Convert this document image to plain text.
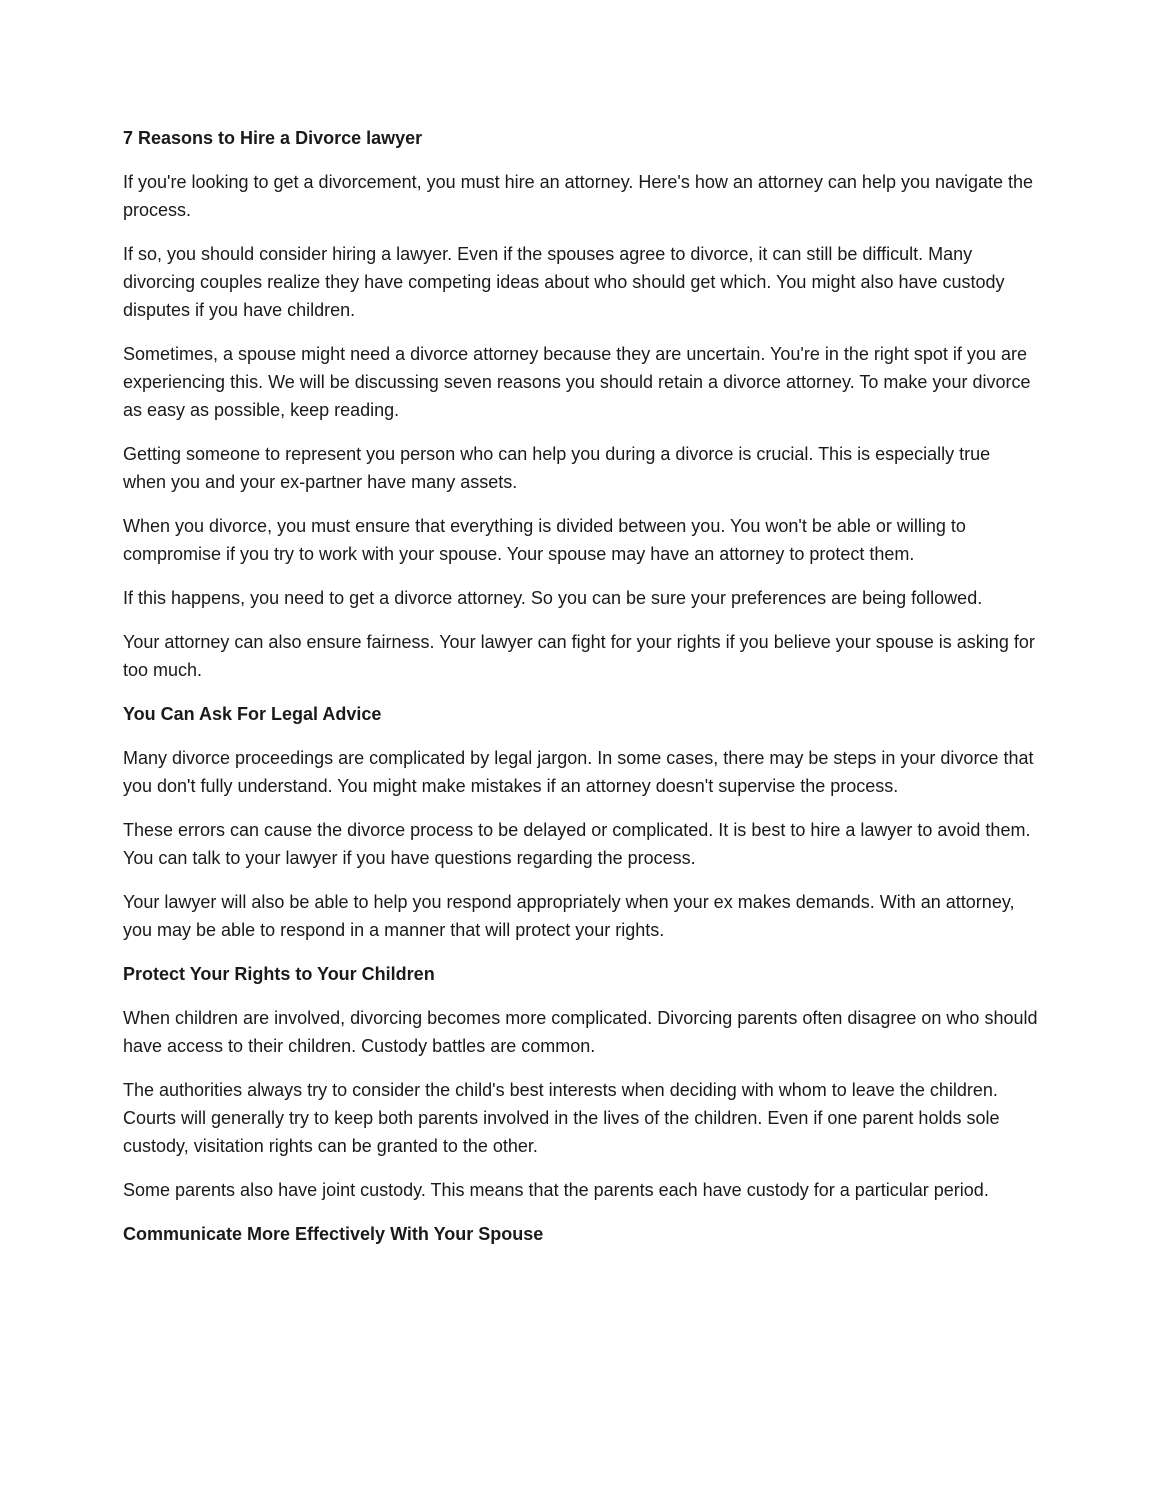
7 Reasons to Hire a Divorce lawyer

If you're looking to get a divorcement, you must hire an attorney. Here's how an attorney can help you navigate the process.

If so, you should consider hiring a lawyer. Even if the spouses agree to divorce, it can still be difficult. Many divorcing couples realize they have competing ideas about who should get which. You might also have custody disputes if you have children.

Sometimes, a spouse might need a divorce attorney because they are uncertain. You're in the right spot if you are experiencing this. We will be discussing seven reasons you should retain a divorce attorney. To make your divorce as easy as possible, keep reading.

Getting someone to represent you person who can help you during a divorce is crucial. This is especially true when you and your ex-partner have many assets.

When you divorce, you must ensure that everything is divided between you. You won't be able or willing to compromise if you try to work with your spouse. Your spouse may have an attorney to protect them.

If this happens, you need to get a divorce attorney. So you can be sure your preferences are being followed.

Your attorney can also ensure fairness. Your lawyer can fight for your rights if you believe your spouse is asking for too much.

You Can Ask For Legal Advice

Many divorce proceedings are complicated by legal jargon. In some cases, there may be steps in your divorce that you don't fully understand. You might make mistakes if an attorney doesn't supervise the process.

These errors can cause the divorce process to be delayed or complicated. It is best to hire a lawyer to avoid them. You can talk to your lawyer if you have questions regarding the process.

Your lawyer will also be able to help you respond appropriately when your ex makes demands. With an attorney, you may be able to respond in a manner that will protect your rights.

Protect Your Rights to Your Children

When children are involved, divorcing becomes more complicated. Divorcing parents often disagree on who should have access to their children. Custody battles are common.

The authorities always try to consider the child's best interests when deciding with whom to leave the children. Courts will generally try to keep both parents involved in the lives of the children. Even if one parent holds sole custody, visitation rights can be granted to the other.

Some parents also have joint custody. This means that the parents each have custody for a particular period.

Communicate More Effectively With Your Spouse
